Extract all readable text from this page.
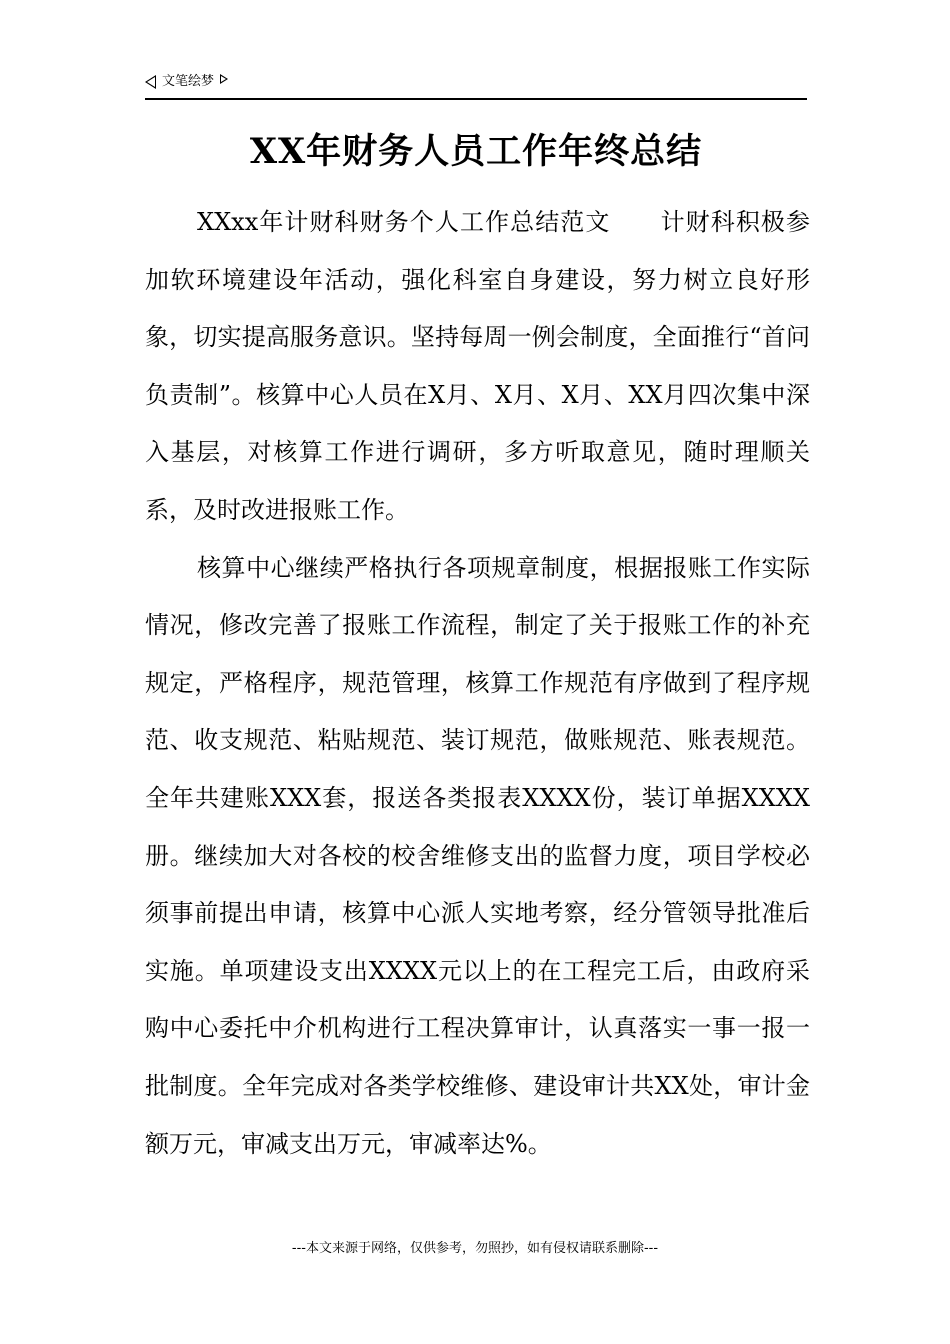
文笔绘梦
XX年财务人员工作年终总结

XXxx年计财科财务个人工作总结范文　　计财科积极参加软环境建设年活动，强化科室自身建设，努力树立良好形象，切实提高服务意识。坚持每周一例会制度，全面推行“首问负责制”。核算中心人员在X月、X月、X月、XX月四次集中深入基层，对核算工作进行调研，多方听取意见，随时理顺关系，及时改进报账工作。

核算中心继续严格执行各项规章制度，根据报账工作实际情况，修改完善了报账工作流程，制定了关于报账工作的补充规定，严格程序，规范管理，核算工作规范有序做到了程序规范、收支规范、粘贴规范、装订规范，做账规范、账表规范。全年共建账XXX套，报送各类报表XXXX份，装订单据XXXX册。继续加大对各校的校舍维修支出的监督力度，项目学校必须事前提出申请，核算中心派人实地考察，经分管领导批准后实施。单项建设支出XXXX元以上的在工程完工后，由政府采购中心委托中介机构进行工程决算审计，认真落实一事一报一批制度。全年完成对各类学校维修、建设审计共XX处，审计金额万元，审减支出万元，审减率达%。

---本文来源于网络，仅供参考，勿照抄，如有侵权请联系删除---
